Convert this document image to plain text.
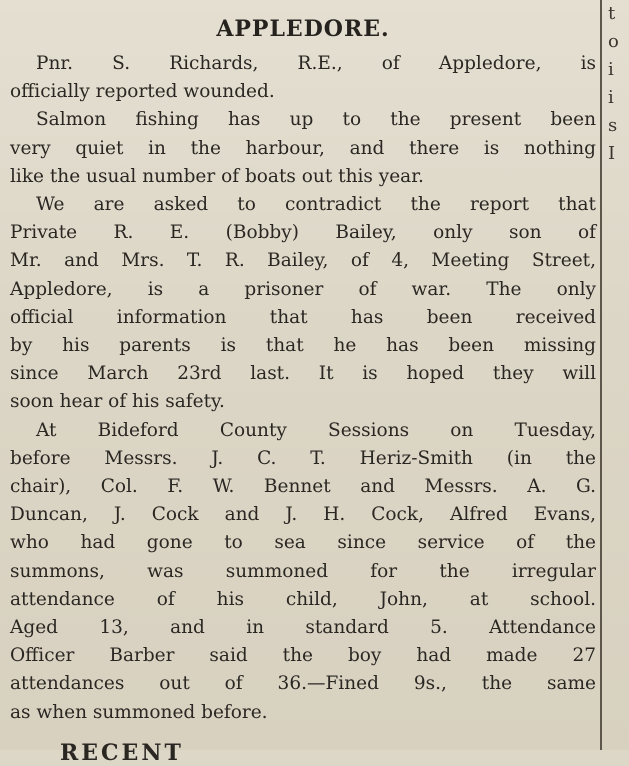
APPLEDORE.
Pnr. S. Richards, R.E., of Appledore, is
officially reported wounded.
Salmon fishing has up to the present been
very quiet in the harbour, and there is nothing
like the usual number of boats out this year.
We are asked to contradict the report that
Private R. E. (Bobby) Bailey, only son of
Mr. and Mrs. T. R. Bailey, of 4, Meeting Street,
Appledore, is a prisoner of war. The only
official information that has been received
by his parents is that he has been missing
since March 23rd last. It is hoped they will
soon hear of his safety.
At Bideford County Sessions on Tuesday,
before Messrs. J. C. T. Heriz-Smith (in the
chair), Col. F. W. Bennet and Messrs. A. G.
Duncan, J. Cock and J. H. Cock, Alfred Evans,
who had gone to sea since service of the
summons, was summoned for the irregular
attendance of his child, John, at school.
Aged 13, and in standard 5. Attendance
Officer Barber said the boy had made 27
attendances out of 36.—Fined 9s., the same
as when summoned before.
t
o
i
i
s
I
RECENT
